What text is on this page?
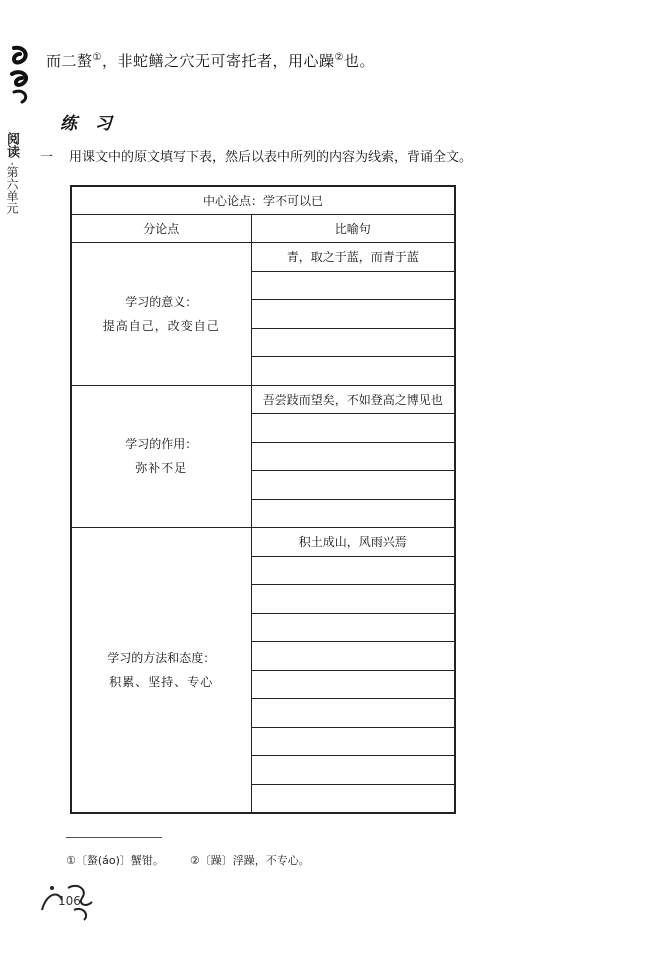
阅读
·第六单元
而二螯①，非蛇鳝之穴无可寄托者，用心躁②也。
练 习
一 用课文中的原文填写下表，然后以表中所列的内容为线索，背诵全文。
中心论点：学不可以已	
分论点	比喻句

学习的意义：
提高自己，改变自己	青，取之于蓝，而青于蓝

学习的作用：
弥补不足	吾尝跂而望矣，不如登高之博见也

学习的方法和态度：
积累、坚持、专心	积土成山，风雨兴焉

①〔螯(áo)〕蟹钳。 ②〔躁〕浮躁，不专心。
106
